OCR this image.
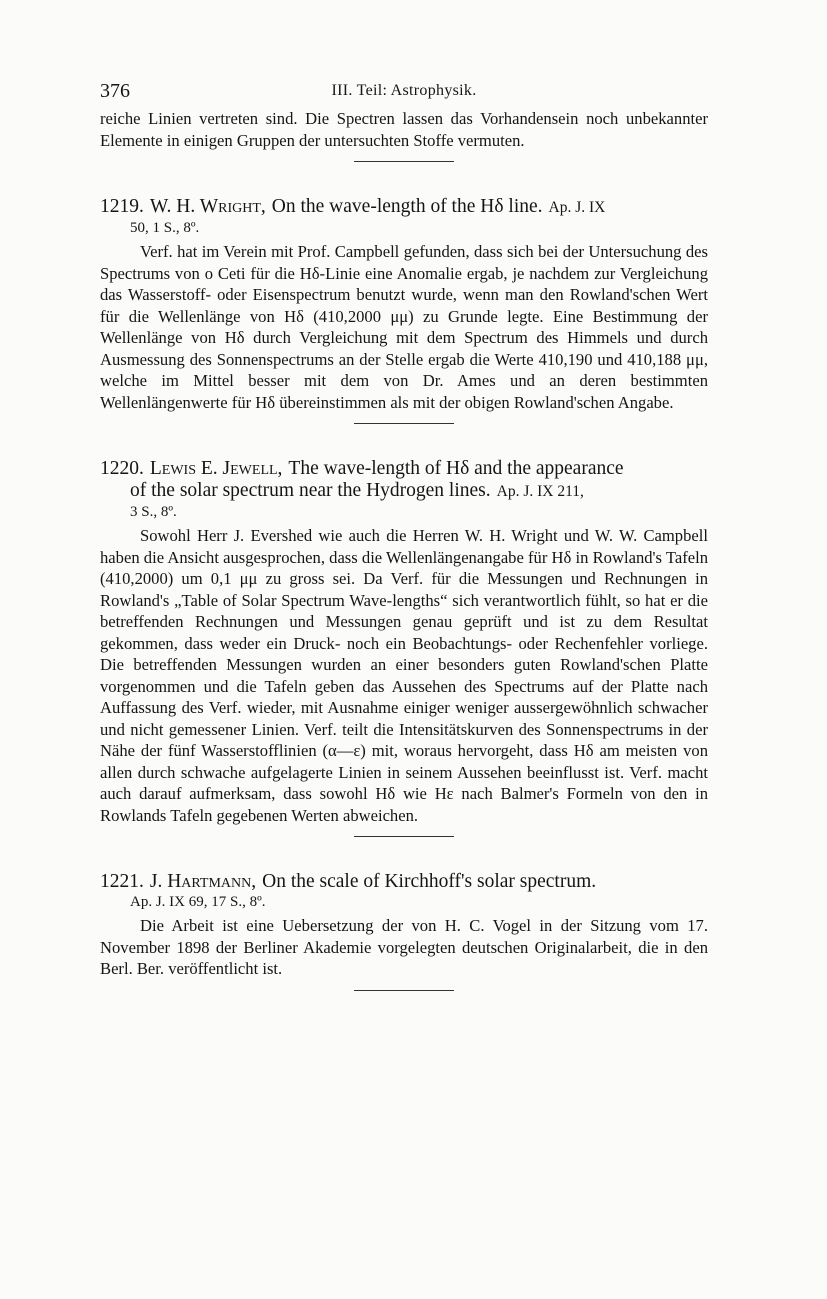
376	III. Teil: Astrophysik.

reiche Linien vertreten sind. Die Spectren lassen das Vorhandensein noch unbekannter Elemente in einigen Gruppen der untersuchten Stoffe vermuten.

1219. W. H. Wright, On the wave-length of the Hδ line. Ap. J. IX
50, 1 S., 8º.

Verf. hat im Verein mit Prof. Campbell gefunden, dass sich bei der Untersuchung des Spectrums von ο Ceti für die Hδ-Linie eine Anomalie ergab, je nachdem zur Vergleichung das Wasserstoff- oder Eisenspectrum benutzt wurde, wenn man den Rowland'schen Wert für die Wellenlänge von Hδ (410,2000 μμ) zu Grunde legte. Eine Bestimmung der Wellenlänge von Hδ durch Vergleichung mit dem Spectrum des Himmels und durch Ausmessung des Sonnenspectrums an der Stelle ergab die Werte 410,190 und 410,188 μμ, welche im Mittel besser mit dem von Dr. Ames und an deren bestimmten Wellenlängenwerte für Hδ übereinstimmen als mit der obigen Rowland'schen Angabe.

1220. Lewis E. Jewell, The wave-length of Hδ and the appearance
of the solar spectrum near the Hydrogen lines. Ap. J. IX 211,
3 S., 8º.

Sowohl Herr J. Evershed wie auch die Herren W. H. Wright und W. W. Campbell haben die Ansicht ausgesprochen, dass die Wellenlängenangabe für Hδ in Rowland's Tafeln (410,2000) um 0,1 μμ zu gross sei. Da Verf. für die Messungen und Rechnungen in Rowland's „Table of Solar Spectrum Wave-lengths“ sich verantwortlich fühlt, so hat er die betreffenden Rechnungen und Messungen genau geprüft und ist zu dem Resultat gekommen, dass weder ein Druck- noch ein Beobachtungs- oder Rechenfehler vorliege. Die betreffenden Messungen wurden an einer besonders guten Rowland'schen Platte vorgenommen und die Tafeln geben das Aussehen des Spectrums auf der Platte nach Auffassung des Verf. wieder, mit Ausnahme einiger weniger aussergewöhnlich schwacher und nicht gemessener Linien. Verf. teilt die Intensitätskurven des Sonnenspectrums in der Nähe der fünf Wasserstofflinien (α—ε) mit, woraus hervorgeht, dass Hδ am meisten von allen durch schwache aufgelagerte Linien in seinem Aussehen beeinflusst ist. Verf. macht auch darauf aufmerksam, dass sowohl Hδ wie Hε nach Balmer's Formeln von den in Rowlands Tafeln gegebenen Werten abweichen.

1221. J. Hartmann, On the scale of Kirchhoff's solar spectrum.
Ap. J. IX 69, 17 S., 8º.

Die Arbeit ist eine Uebersetzung der von H. C. Vogel in der Sitzung vom 17. November 1898 der Berliner Akademie vorgelegten deutschen Originalarbeit, die in den Berl. Ber. veröffentlicht ist.
